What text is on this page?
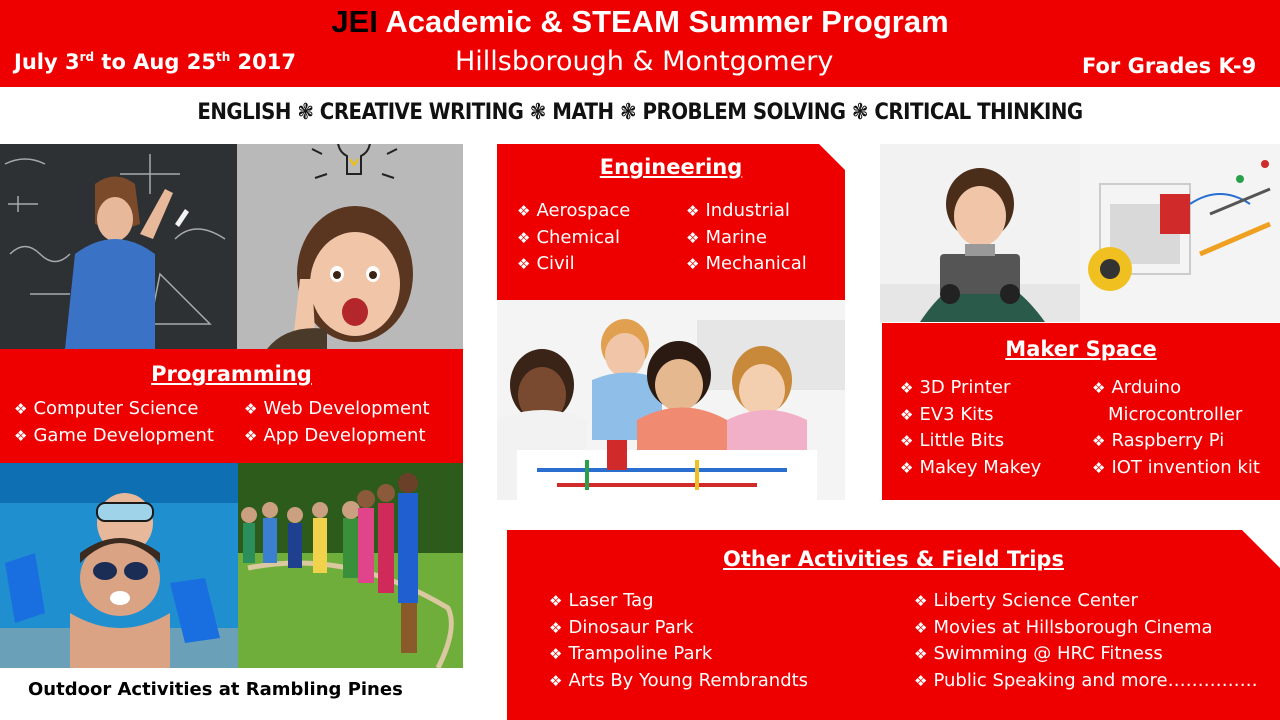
JEI Academic & STEAM Summer Program
July 3rd to Aug 25th 2017	Hillsborough & Montgomery	For Grades K-9
ENGLISH ❃ CREATIVE WRITING ❃ MATH ❃ PROBLEM SOLVING ❃ CRITICAL THINKING
Programming
❖ Computer Science
❖ Game Development
❖ Web Development
❖ App Development
Outdoor Activities at Rambling Pines
Engineering
❖ Aerospace
❖ Chemical
❖ Civil
❖ Industrial
❖ Marine
❖ Mechanical
Maker Space
❖ 3D Printer
❖ EV3 Kits
❖ Little Bits
❖ Makey Makey
❖ Arduino
Microcontroller
❖ Raspberry Pi
❖ IOT invention kit
Other Activities & Field Trips
❖ Laser Tag
❖ Dinosaur Park
❖ Trampoline Park
❖ Arts By Young Rembrandts
❖ Liberty Science Center
❖ Movies at Hillsborough Cinema
❖ Swimming @ HRC Fitness
❖ Public Speaking and more……………
